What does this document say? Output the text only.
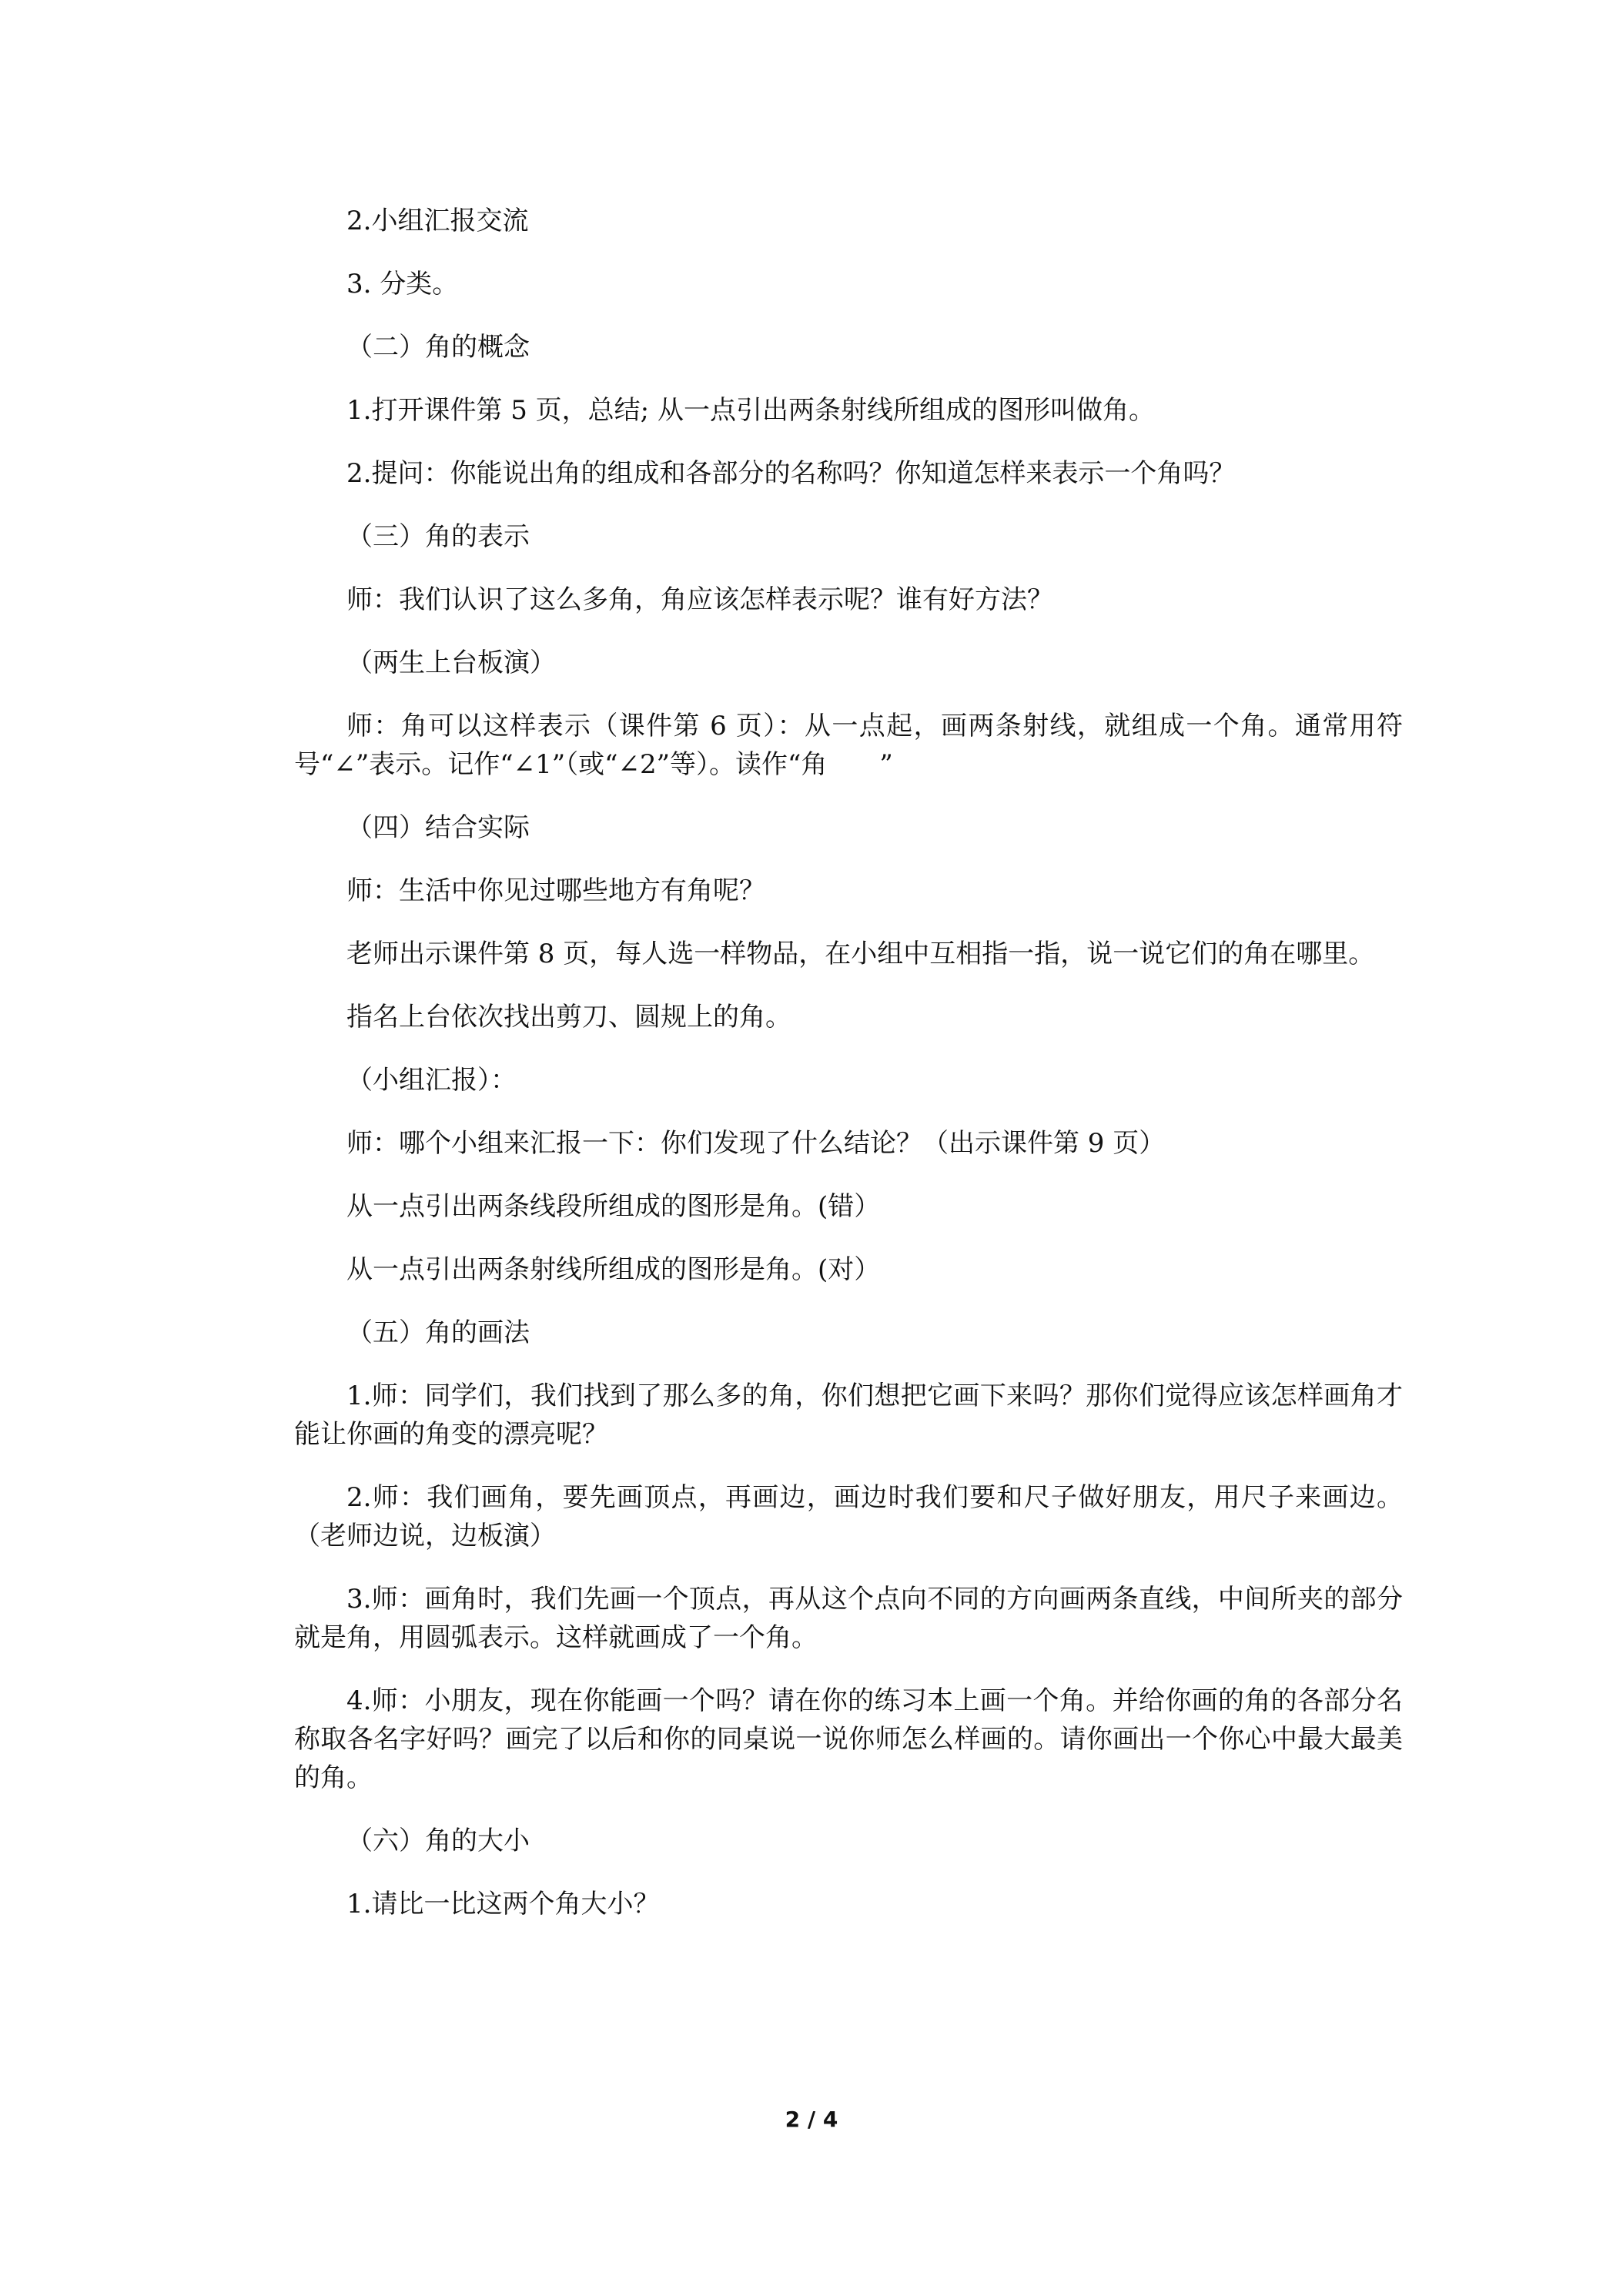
2.小组汇报交流

3. 分类。

（二）角的概念

1.打开课件第 5 页，总结; 从一点引出两条射线所组成的图形叫做角。

2.提问：你能说出角的组成和各部分的名称吗？你知道怎样来表示一个角吗？

（三）角的表示

师：我们认识了这么多角，角应该怎样表示呢？谁有好方法？

（两生上台板演）

师：角可以这样表示（课件第 6 页）：从一点起，画两条射线，就组成一个角。通常用符号“∠”表示。记作“∠1”（或“∠2”等）。读作“角　　”

（四）结合实际

师：生活中你见过哪些地方有角呢？

老师出示课件第 8 页，每人选一样物品，在小组中互相指一指，说一说它们的角在哪里。

指名上台依次找出剪刀、圆规上的角。

（小组汇报）：

师：哪个小组来汇报一下：你们发现了什么结论？（出示课件第 9 页）

从一点引出两条线段所组成的图形是角。(错）

从一点引出两条射线所组成的图形是角。(对）

（五）角的画法

1.师：同学们，我们找到了那么多的角，你们想把它画下来吗？那你们觉得应该怎样画角才能让你画的角变的漂亮呢？

2.师：我们画角，要先画顶点，再画边，画边时我们要和尺子做好朋友，用尺子来画边。（老师边说，边板演）

3.师：画角时，我们先画一个顶点，再从这个点向不同的方向画两条直线，中间所夹的部分就是角，用圆弧表示。这样就画成了一个角。

4.师：小朋友，现在你能画一个吗？请在你的练习本上画一个角。并给你画的角的各部分名称取各名字好吗？画完了以后和你的同桌说一说你师怎么样画的。请你画出一个你心中最大最美的角。

（六）角的大小

1.请比一比这两个角大小？

2 / 4
